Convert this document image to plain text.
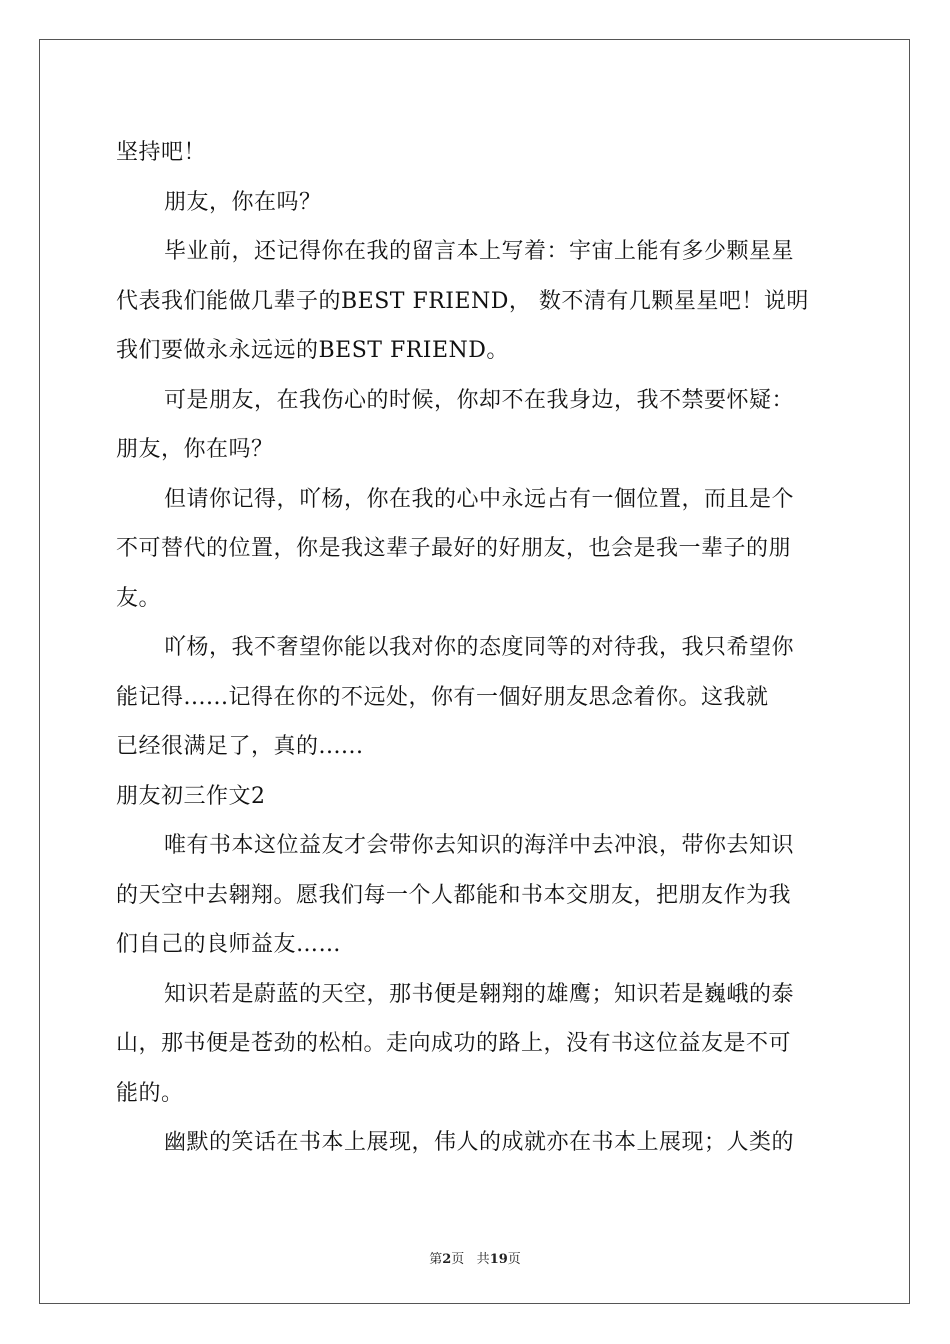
坚持吧！
朋友，你在吗？
毕业前，还记得你在我的留言本上写着：宇宙上能有多少颗星星
代表我们能做几辈子的BEST FRIEND， 数不清有几颗星星吧！说明
我们要做永永远远的BEST FRIEND。
可是朋友，在我伤心的时候，你却不在我身边，我不禁要怀疑：
朋友，你在吗？
但请你记得，吖杨，你在我的心中永远占有一個位置，而且是个
不可替代的位置，你是我这辈子最好的好朋友，也会是我一辈子的朋
友。
吖杨，我不奢望你能以我对你的态度同等的对待我，我只希望你
能记得......记得在你的不远处，你有一個好朋友思念着你。这我就
已经很满足了，真的......
朋友初三作文2
唯有书本这位益友才会带你去知识的海洋中去冲浪，带你去知识
的天空中去翱翔。愿我们每一个人都能和书本交朋友，把朋友作为我
们自己的良师益友……
知识若是蔚蓝的天空，那书便是翱翔的雄鹰；知识若是巍峨的泰
山，那书便是苍劲的松柏。走向成功的路上，没有书这位益友是不可
能的。
幽默的笑话在书本上展现，伟人的成就亦在书本上展现；人类的
第2页 共19页
